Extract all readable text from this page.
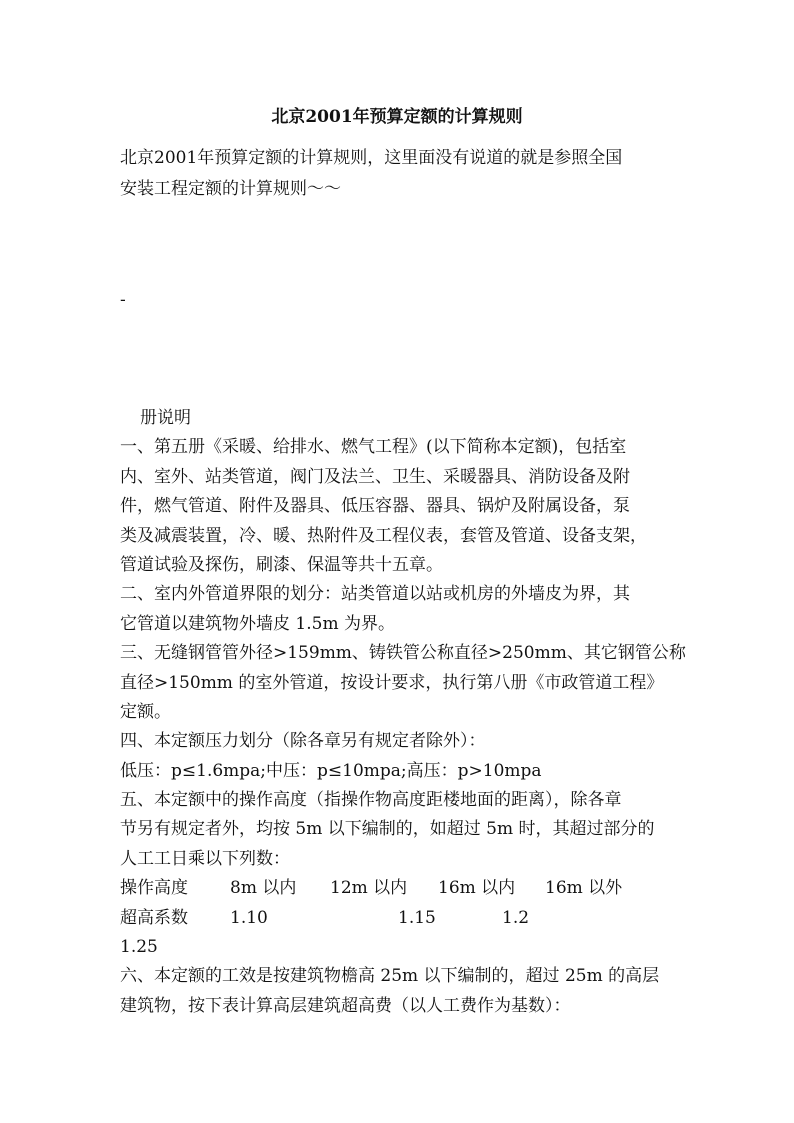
北京2001年预算定额的计算规则
北京2001年预算定额的计算规则，这里面没有说道的就是参照全国
安装工程定额的计算规则～～
-
册说明
一、第五册《采暖、给排水、燃气工程》(以下简称本定额)，包括室
内、室外、站类管道，阀门及法兰、卫生、采暖器具、消防设备及附
件，燃气管道、附件及器具、低压容器、器具、锅炉及附属设备，泵
类及减震装置，冷、暖、热附件及工程仪表，套管及管道、设备支架，
管道试验及探伤，刷漆、保温等共十五章。
二、室内外管道界限的划分：站类管道以站或机房的外墙皮为界，其
它管道以建筑物外墙皮 1.5m 为界。
三、无缝钢管管外径>159mm、铸铁管公称直径>250mm、其它钢管公称
直径>150mm 的室外管道，按设计要求，执行第八册《市政管道工程》
定额。
四、本定额压力划分（除各章另有规定者除外）：
低压：p≤1.6mpa;中压：p≤10mpa;高压：p>10mpa
五、本定额中的操作高度（指操作物高度距楼地面的距离），除各章
节另有规定者外，均按 5m 以下编制的，如超过 5m 时，其超过部分的
人工工日乘以下列数：
操作高度 8m 以内 12m 以内 16m 以内 16m 以外
超高系数 1.10	1.15	1.2
1.25
六、本定额的工效是按建筑物檐高 25m 以下编制的，超过 25m 的高层
建筑物，按下表计算高层建筑超高费（以人工费作为基数）：
